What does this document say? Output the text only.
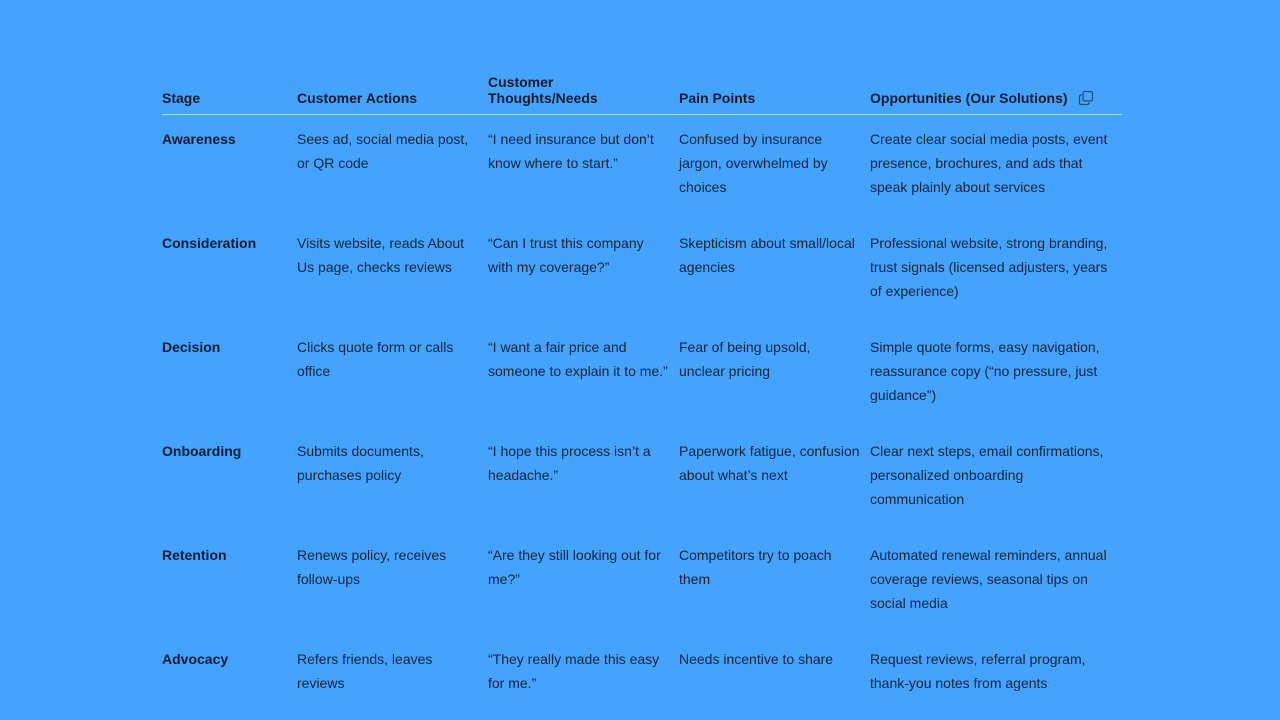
Stage	Customer Actions	Customer Thoughts/Needs	Pain Points	Opportunities (Our Solutions)

Awareness	Sees ad, social media post, or QR code	“I need insurance but don’t know where to start.”	Confused by insurance jargon, overwhelmed by choices	Create clear social media posts, event presence, brochures, and ads that speak plainly about services
Consideration	Visits website, reads About Us page, checks reviews	“Can I trust this company with my coverage?”	Skepticism about small/local agencies	Professional website, strong branding, trust signals (licensed adjusters, years of experience)
Decision	Clicks quote form or calls office	“I want a fair price and someone to explain it to me.”	Fear of being upsold, unclear pricing	Simple quote forms, easy navigation, reassurance copy (“no pressure, just guidance”)
Onboarding	Submits documents, purchases policy	“I hope this process isn’t a headache.”	Paperwork fatigue, confusion about what’s next	Clear next steps, email confirmations, personalized onboarding communication
Retention	Renews policy, receives follow-ups	“Are they still looking out for me?”	Competitors try to poach them	Automated renewal reminders, annual coverage reviews, seasonal tips on social media
Advocacy	Refers friends, leaves reviews	“They really made this easy for me.”	Needs incentive to share	Request reviews, referral program, thank-you notes from agents
